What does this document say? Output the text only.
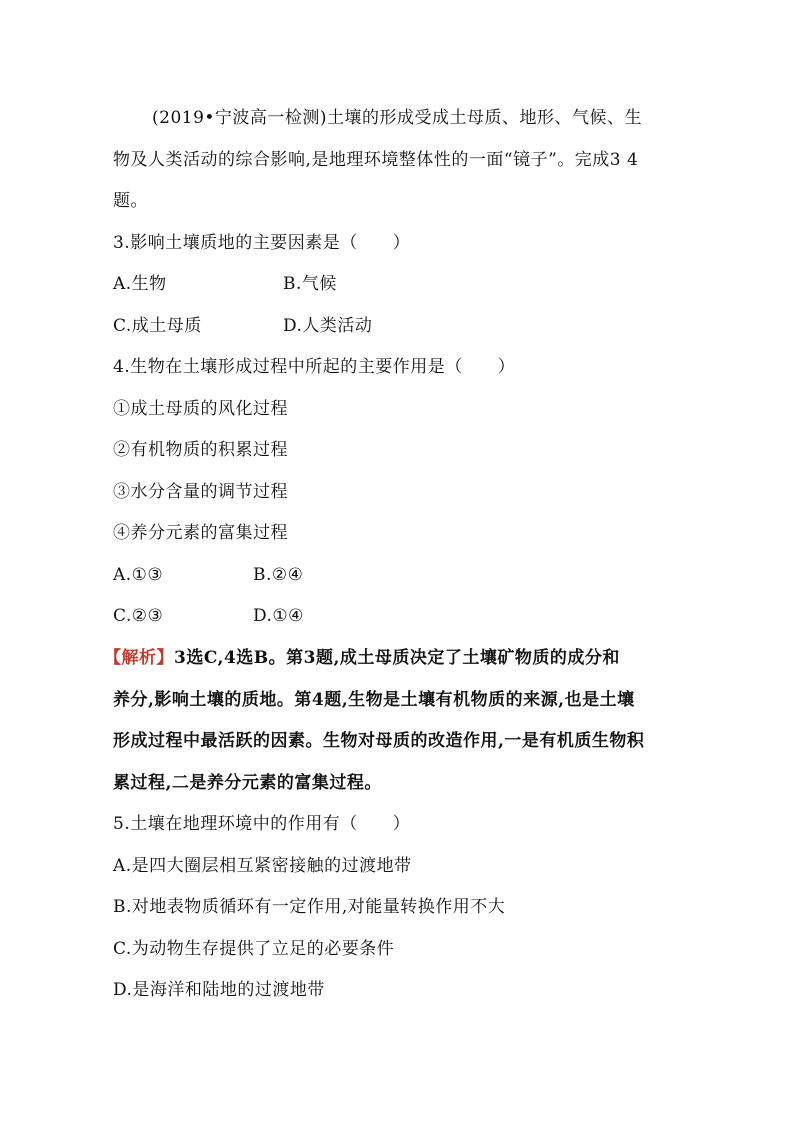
(2019•宁波高一检测)土壤的形成受成土母质、地形、气候、生
物及人类活动的综合影响,是地理环境整体性的一面“镜子”。完成3 4
题。
3.影响土壤质地的主要因素是（　　）
A.生物	B.气候
C.成土母质	D.人类活动
4.生物在土壤形成过程中所起的主要作用是（　　）
①成土母质的风化过程
②有机物质的积累过程
③水分含量的调节过程
④养分元素的富集过程
A.①③	B.②④
C.②③	D.①④
【解析】3选C,4选B。第3题,成土母质决定了土壤矿物质的成分和
养分,影响土壤的质地。第4题,生物是土壤有机物质的来源,也是土壤
形成过程中最活跃的因素。生物对母质的改造作用,一是有机质生物积
累过程,二是养分元素的富集过程。
5.土壤在地理环境中的作用有（　　）
A.是四大圈层相互紧密接触的过渡地带
B.对地表物质循环有一定作用,对能量转换作用不大
C.为动物生存提供了立足的必要条件
D.是海洋和陆地的过渡地带
